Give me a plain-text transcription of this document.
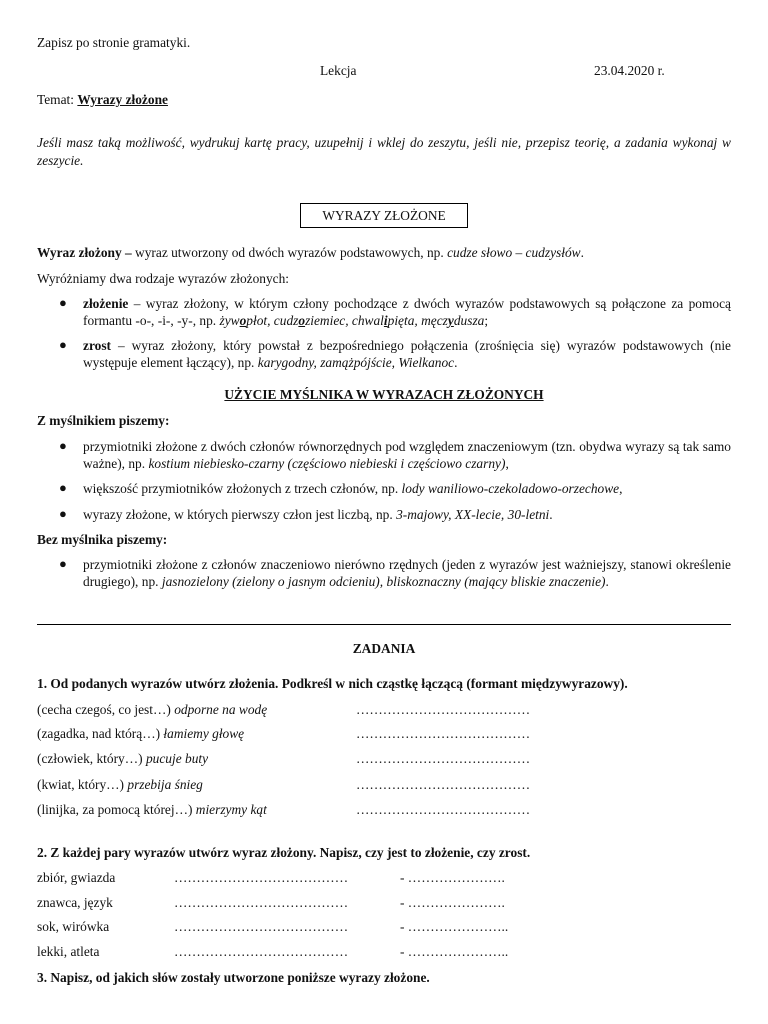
Zapisz po stronie gramatyki.
Lekcja	23.04.2020 r.
Temat: Wyrazy złożone
Jeśli masz taką możliwość, wydrukuj kartę pracy, uzupełnij i wklej do zeszytu, jeśli nie, przepisz teorię, a zadania wykonaj w zeszycie.
WYRAZY ZŁOŻONE
Wyraz złożony – wyraz utworzony od dwóch wyrazów podstawowych, np. cudze słowo – cudzysłów.
Wyróżniamy dwa rodzaje wyrazów złożonych:
● złożenie – wyraz złożony, w którym człony pochodzące z dwóch wyrazów podstawowych są połączone za pomocą formantu -o-, -i-, -y-, np. żywopłot, cudzoziemiec, chwalipięta, męczydusza;
● zrost – wyraz złożony, który powstał z bezpośredniego połączenia (zrośnięcia się) wyrazów podstawowych (nie występuje element łączący), np. karygodny, zamążpójście, Wielkanoc.
UŻYCIE MYŚLNIKA W WYRAZACH ZŁOŻONYCH
Z myślnikiem piszemy:
● przymiotniki złożone z dwóch członów równorzędnych pod względem znaczeniowym (tzn. obydwa wyrazy są tak samo ważne), np. kostium niebiesko-czarny (częściowo niebieski i częściowo czarny),
● większość przymiotników złożonych z trzech członów, np. lody waniliowo-czekoladowo-orzechowe,
● wyrazy złożone, w których pierwszy człon jest liczbą, np. 3-majowy, XX-lecie, 30-letni.
Bez myślnika piszemy:
● przymiotniki złożone z członów znaczeniowo nierówno rzędnych (jeden z wyrazów jest ważniejszy, stanowi określenie drugiego), np. jasnozielony (zielony o jasnym odcieniu), bliskoznaczny (mający bliskie znaczenie).
ZADANIA
1. Od podanych wyrazów utwórz złożenia. Podkreśl w nich cząstkę łączącą (formant międzywyrazowy).
(cecha czegoś, co jest…) odporne na wodę	…………………………………
(zagadka, nad którą…) łamiemy głowę	…………………………………
(człowiek, który…) pucuje buty	…………………………………
(kwiat, który…) przebija śnieg	…………………………………
(linijka, za pomocą której…) mierzymy kąt	…………………………………
2. Z każdej pary wyrazów utwórz wyraz złożony. Napisz, czy jest to złożenie, czy zrost.
zbiór, gwiazda	…………………………………	- ………………….
znawca, język	…………………………………	- ………………….
sok, wirówka	…………………………………	- …………………..
lekki, atleta	…………………………………	- …………………..
3. Napisz, od jakich słów zostały utworzone poniższe wyrazy złożone.
